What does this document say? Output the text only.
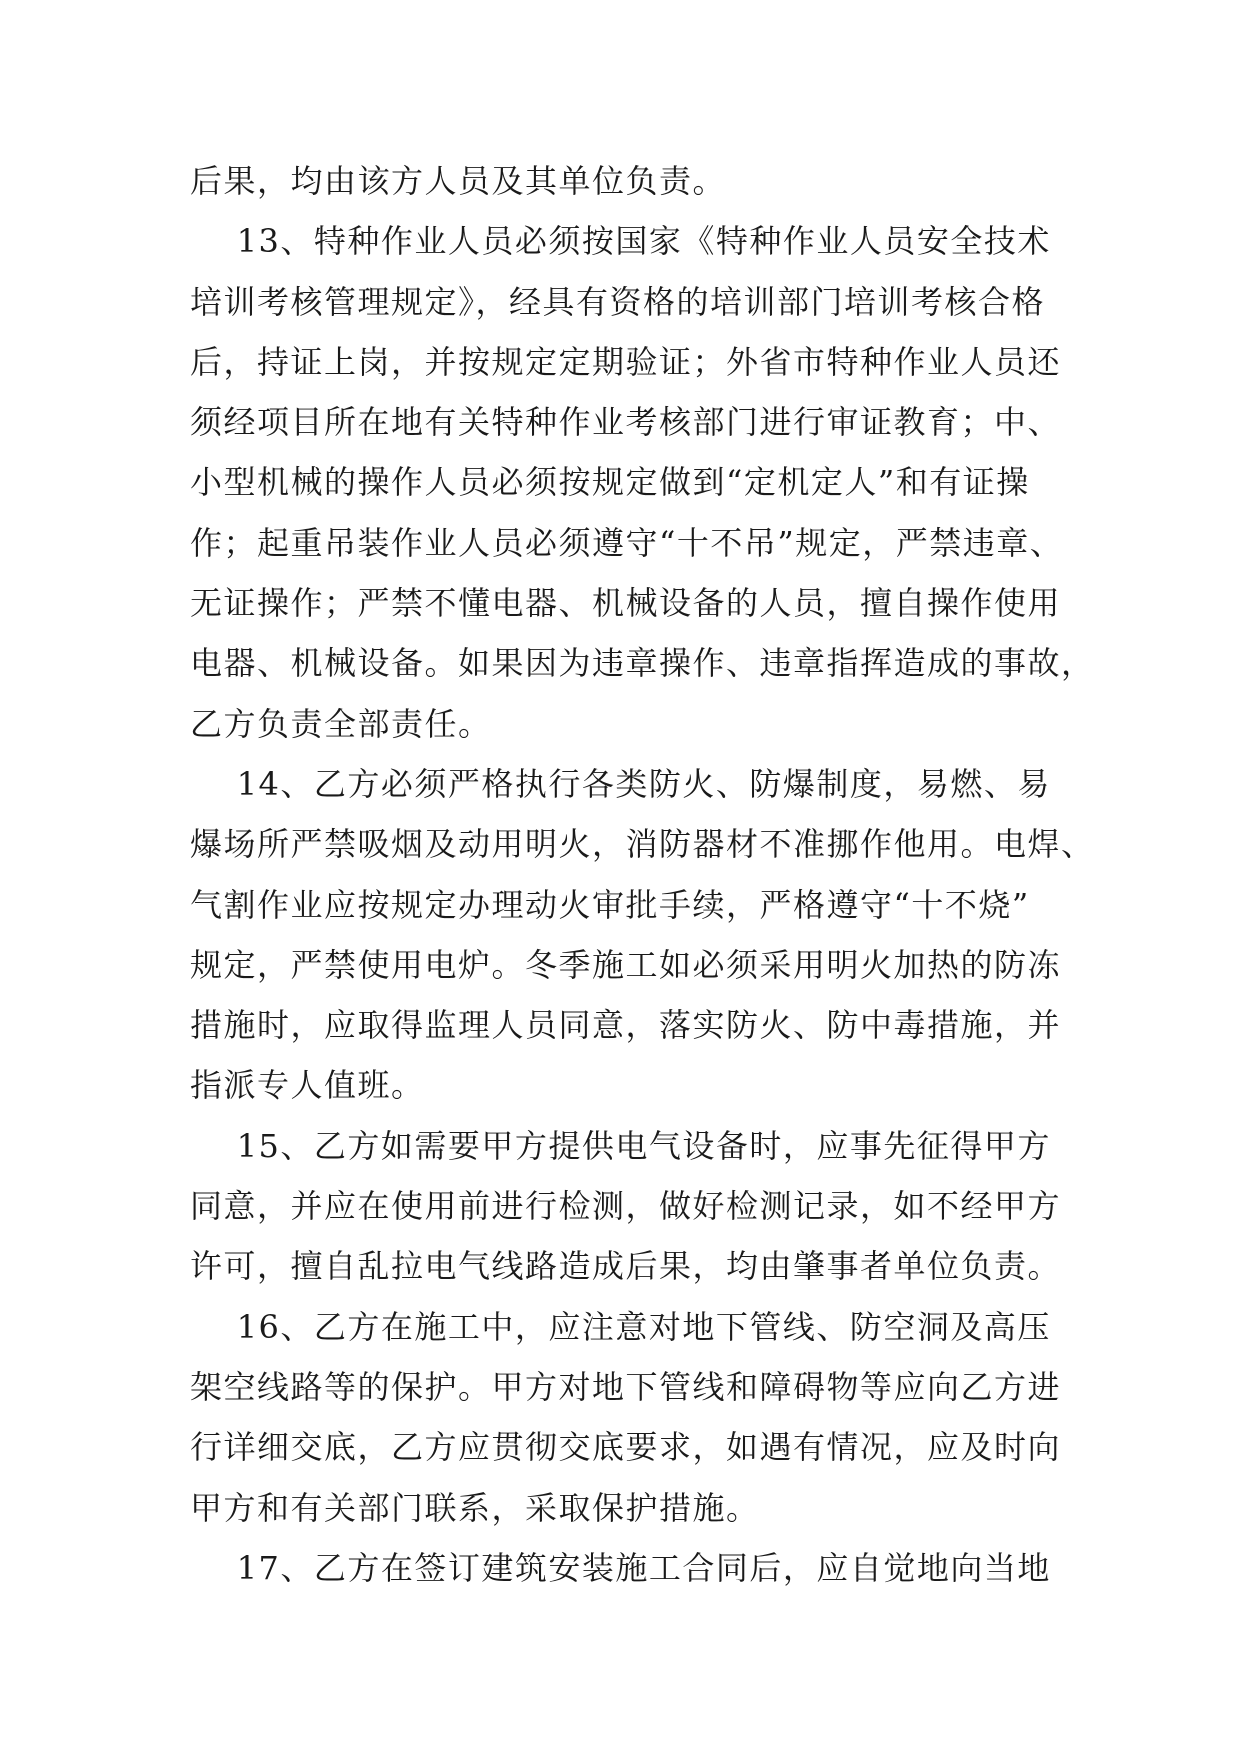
后果，均由该方人员及其单位负责。
13、特种作业人员必须按国家《特种作业人员安全技术
培训考核管理规定》，经具有资格的培训部门培训考核合格
后，持证上岗，并按规定定期验证；外省市特种作业人员还
须经项目所在地有关特种作业考核部门进行审证教育；中、
小型机械的操作人员必须按规定做到“定机定人”和有证操
作；起重吊装作业人员必须遵守“十不吊”规定，严禁违章、
无证操作；严禁不懂电器、机械设备的人员，擅自操作使用
电器、机械设备。如果因为违章操作、违章指挥造成的事故，
乙方负责全部责任。
14、乙方必须严格执行各类防火、防爆制度，易燃、易
爆场所严禁吸烟及动用明火，消防器材不准挪作他用。电焊、
气割作业应按规定办理动火审批手续，严格遵守“十不烧”
规定，严禁使用电炉。冬季施工如必须采用明火加热的防冻
措施时，应取得监理人员同意，落实防火、防中毒措施，并
指派专人值班。
15、乙方如需要甲方提供电气设备时，应事先征得甲方
同意，并应在使用前进行检测，做好检测记录，如不经甲方
许可，擅自乱拉电气线路造成后果，均由肇事者单位负责。
16、乙方在施工中，应注意对地下管线、防空洞及高压
架空线路等的保护。甲方对地下管线和障碍物等应向乙方进
行详细交底，乙方应贯彻交底要求，如遇有情况，应及时向
甲方和有关部门联系，采取保护措施。
17、乙方在签订建筑安装施工合同后，应自觉地向当地
